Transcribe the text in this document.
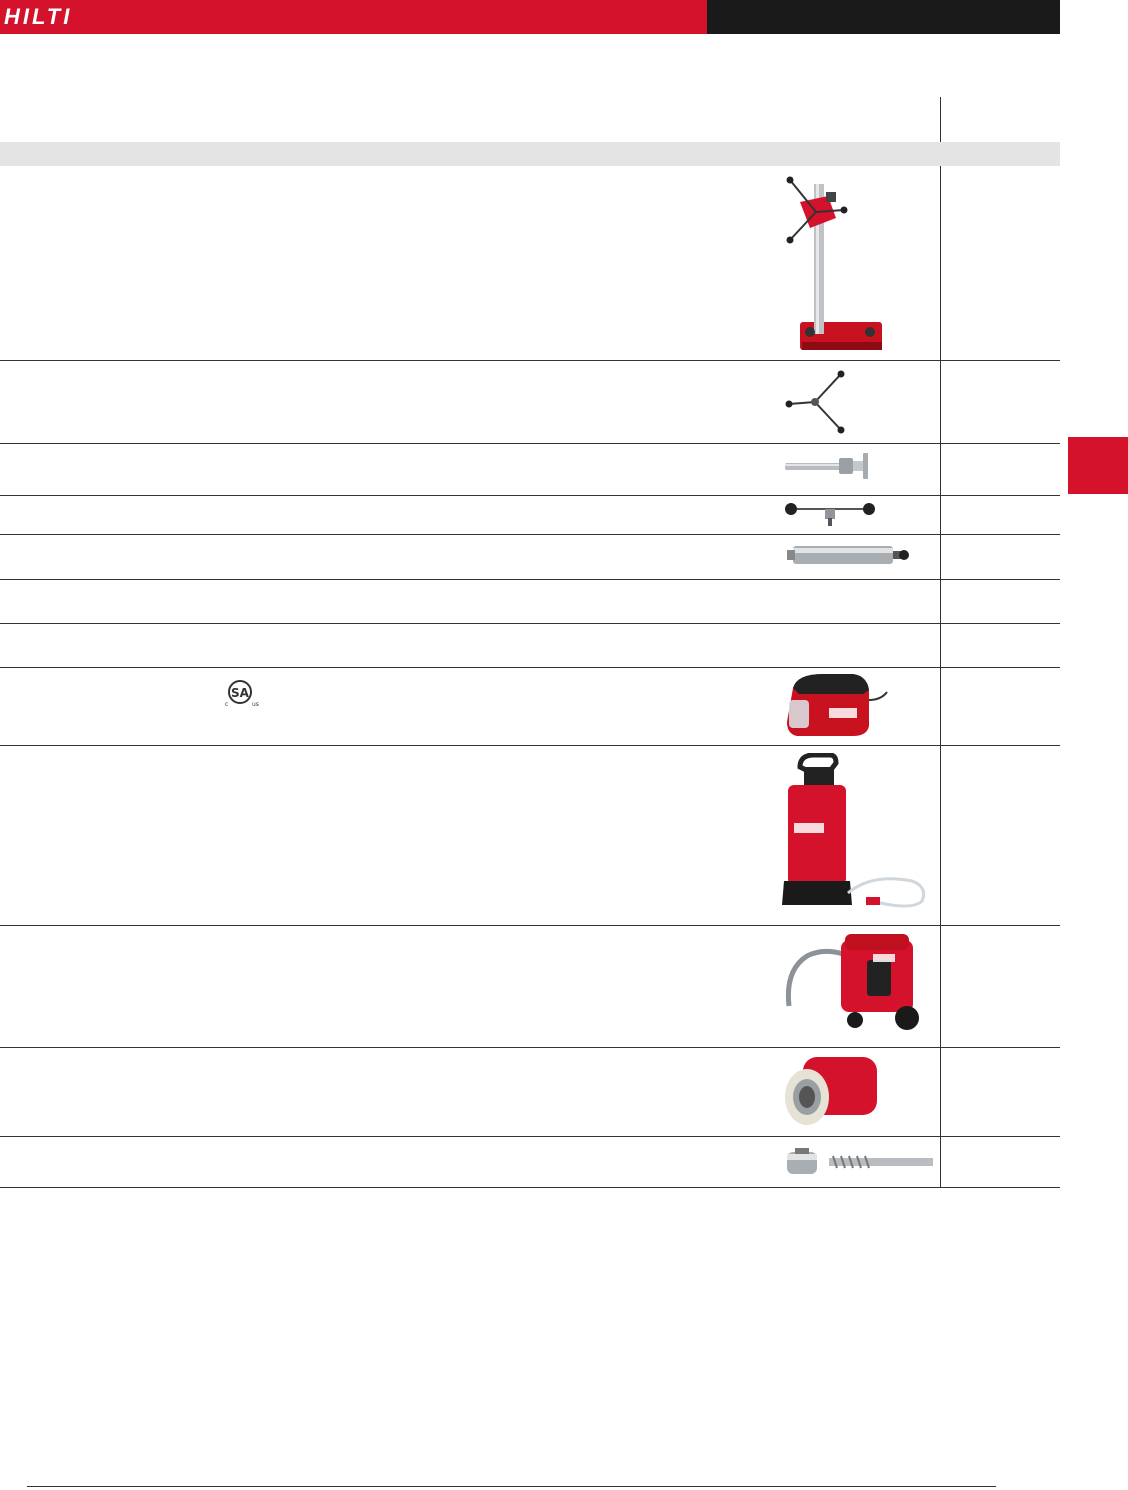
HILTI
SA
c	us
